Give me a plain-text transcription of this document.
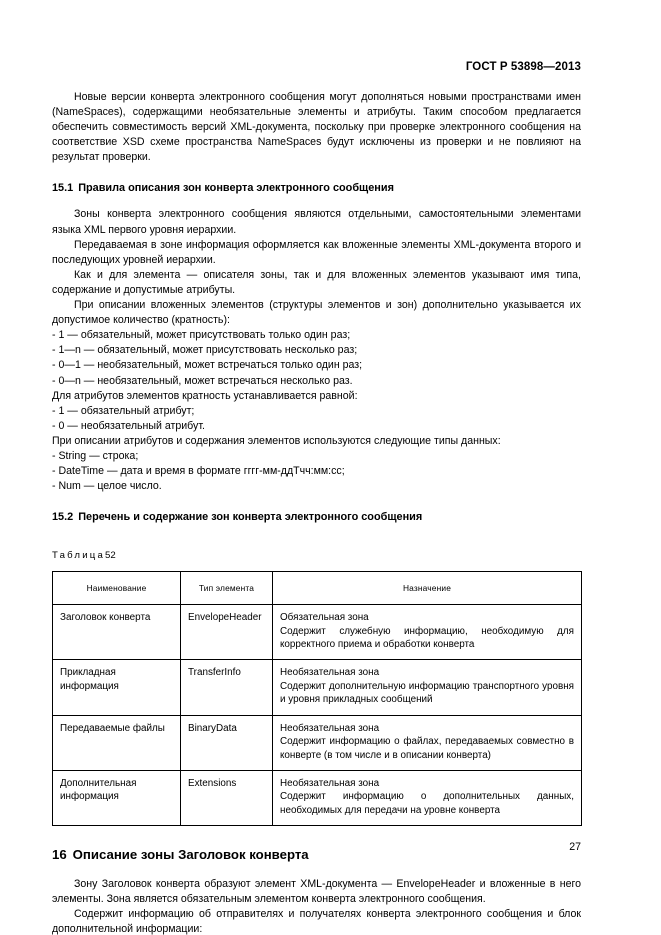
ГОСТ Р 53898—2013

Новые версии конверта электронного сообщения могут дополняться новыми пространствами имен (NameSpaces), содержащими необязательные элементы и атрибуты. Таким способом предлагается обеспечить совместимость версий XML-документа, поскольку при проверке электронного сообщения на соответствие XSD схеме пространства NameSpaces будут исключены из проверки и не повлияют на результат проверки.

15.1 Правила описания зон конверта электронного сообщения

Зоны конверта электронного сообщения являются отдельными, самостоятельными элементами языка XML первого уровня иерархии.

Передаваемая в зоне информация оформляется как вложенные элементы XML-документа второго и последующих уровней иерархии.

Как и для элемента — описателя зоны, так и для вложенных элементов указывают имя типа, содержание и допустимые атрибуты.

При описании вложенных элементов (структуры элементов и зон) дополнительно указывается их допустимое количество (кратность):

- 1 — обязательный, может присутствовать только один раз;

- 1—n — обязательный, может присутствовать несколько раз;

- 0—1 — необязательный, может встречаться только один раз;

- 0—n — необязательный, может встречаться несколько раз.

Для атрибутов элементов кратность устанавливается равной:

- 1 — обязательный атрибут;

- 0 — необязательный атрибут.

При описании атрибутов и содержания элементов используются следующие типы данных:

- String — строка;

- DateTime — дата и время в формате гггг-мм-ддTчч:мм:сс;

- Num — целое число.

15.2 Перечень и содержание зон конверта электронного сообщения

Таблица52

Наименование	Тип элемента	Назначение
Заголовок конверта	EnvelopeHeader	Обязательная зона

Содержит служебную информацию, необходимую для корректного приема и обработки конверта

Прикладная информация	TransferInfo	Необязательная зона

Содержит дополнительную информацию транспортного уровня и уровня прикладных сообщений

Передаваемые файлы	BinaryData	Необязательная зона

Содержит информацию о файлах, передаваемых совместно в конверте (в том числе и в описании конверта)

Дополнительная информация	Extensions	Необязательная зона

Содержит информацию о дополнительных данных, необходимых для передачи на уровне конверта

16 Описание зоны Заголовок конверта

Зону Заголовок конверта образуют элемент XML-документа — EnvelopeHeader и вложенные в него элементы. Зона является обязательным элементом конверта электронного сообщения.

Содержит информацию об отправителях и получателях конверта электронного сообщения и блок дополнительной информации:

27
